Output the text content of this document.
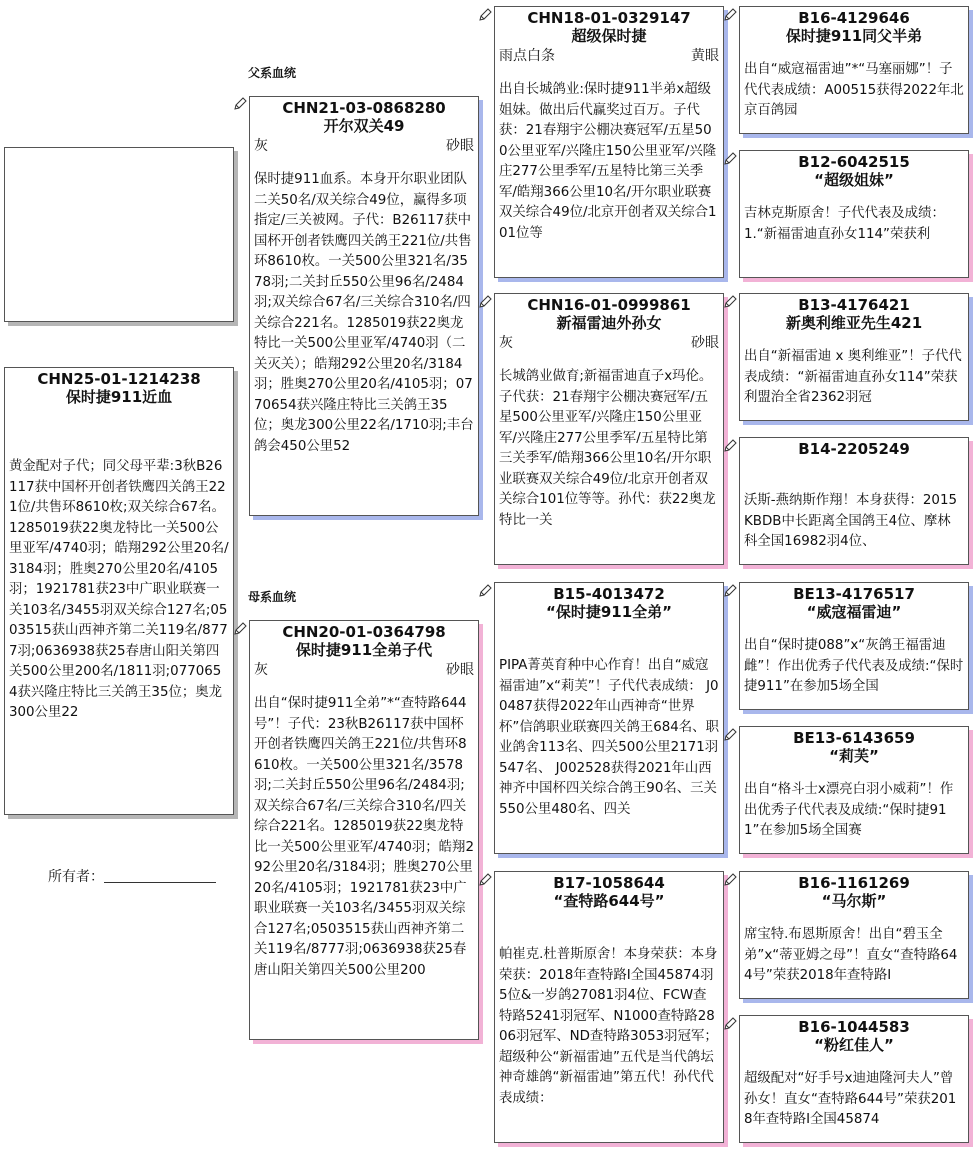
CHN25-01-1214238
保时捷911近血
黄金配对子代；同父母平辈:3秋B26117获中国杯开创者铁鹰四关鸽王221位/共售环8610枚;双关综合67名。1285019获22奥龙特比一关500公里亚军/4740羽；皓翔292公里20名/3184羽；胜奥270公里20名/4105羽；1921781获23中广职业联赛一关103名/3455羽双关综合127名;0503515获山西神齐第二关119名/8777羽;0636938获25春唐山阳关第四关500公里200名/1811羽;0770654获兴隆庄特比三关鸽王35位；奥龙300公里22
所有者：
父系血统
母系血统
CHN21-03-0868280
开尔双关49
灰	砂眼
保时捷911血系。本身开尔职业团队二关50名/双关综合49位，赢得多项指定/三关被网。子代：B26117获中国杯开创者铁鹰四关鸽王221位/共售环8610枚。一关500公里321名/3578羽;二关封丘550公里96名/2484羽;双关综合67名/三关综合310名/四关综合221名。1285019获22奥龙特比一关500公里亚军/4740羽（二关灭关）；皓翔292公里20名/3184羽；胜奥270公里20名/4105羽；0770654获兴隆庄特比三关鸽王35位；奥龙300公里22名/1710羽;丰台鸽会450公里52
CHN20-01-0364798
保时捷911全弟子代
灰	砂眼
出自“保时捷911全弟”*“查特路644号”！子代：23秋B26117获中国杯开创者铁鹰四关鸽王221位/共售环8610枚。一关500公里321名/3578羽;二关封丘550公里96名/2484羽;双关综合67名/三关综合310名/四关综合221名。1285019获22奥龙特比一关500公里亚军/4740羽；皓翔292公里20名/3184羽；胜奥270公里20名/4105羽；1921781获23中广职业联赛一关103名/3455羽双关综合127名;0503515获山西神齐第二关119名/8777羽;0636938获25春唐山阳关第四关500公里200
CHN18-01-0329147
超级保时捷
雨点白条	黄眼
出自长城鸽业:保时捷911半弟x超级姐妹。做出后代赢奖过百万。子代获：21春翔宇公棚决赛冠军/五星500公里亚军/兴隆庄150公里亚军/兴隆庄277公里季军/五星特比第三关季军/皓翔366公里10名/开尔职业联赛双关综合49位/北京开创者双关综合101位等
CHN16-01-0999861
新福雷迪外孙女
灰	砂眼
长城鸽业做育;新福雷迪直子x玛伦。子代获：21春翔宇公棚决赛冠军/五星500公里亚军/兴隆庄150公里亚军/兴隆庄277公里季军/五星特比第三关季军/皓翔366公里10名/开尔职业联赛双关综合49位/北京开创者双关综合101位等等。孙代：获22奥龙特比一关
B15-4013472
“保时捷911全弟”
PIPA菁英育种中心作育！出自“威寇福雷迪”x“莉芙”！子代代表成绩： J00487获得2022年山西神奇“世界杯”信鸽职业联赛四关鸽王684名、职业鸽舍113名、四关500公里2171羽547名、 J002528获得2021年山西神齐中国杯四关综合鸽王90名、三关550公里480名、四关
B17-1058644
“查特路644号”
帕崔克.杜普斯原舍！本身荣获：本身荣获：2018年查特路I全国45874羽5位&一岁鸽27081羽4位、FCW查特路5241羽冠军、N1000查特路2806羽冠军、ND查特路3053羽冠军；超级种公“新福雷迪”五代是当代鸽坛神奇雄鸽“新福雷迪”第五代！孙代代表成绩：
B16-4129646
保时捷911同父半弟
出自“威寇福雷迪”*“马塞丽娜”！子代代表成绩：A00515获得2022年北京百鸽园
B12-6042515
“超级姐妹”
吉林克斯原舍！子代代表及成绩：1.“新福雷迪直孙女114”荣获利
B13-4176421
新奥利维亚先生421
出自“新福雷迪 x 奥利维亚”！子代代表成绩：“新福雷迪直孙女114”荣获利盟治全省2362羽冠
B14-2205249
沃斯-燕纳斯作翔！本身获得：2015KBDB中长距离全国鸽王4位、摩林科全国16982羽4位、
BE13-4176517
“威寇福雷迪”
出自“保时捷088”x“灰鸽王福雷迪雌”！作出优秀子代代表及成绩:“保时捷911”在参加5场全国
BE13-6143659
“莉芙”
出自“格斗士x漂亮白羽小威莉”！作出优秀子代代表及成绩:“保时捷911”在参加5场全国赛
B16-1161269
“马尔斯”
席宝特.布恩斯原舍！出自“碧玉全弟”x“蒂亚姆之母”！直女“查特路644号”荣获2018年查特路I
B16-1044583
“粉红佳人”
超级配对“好手号x迪迪隆河夫人”曾孙女！直女“查特路644号”荣获2018年查特路I全国45874
